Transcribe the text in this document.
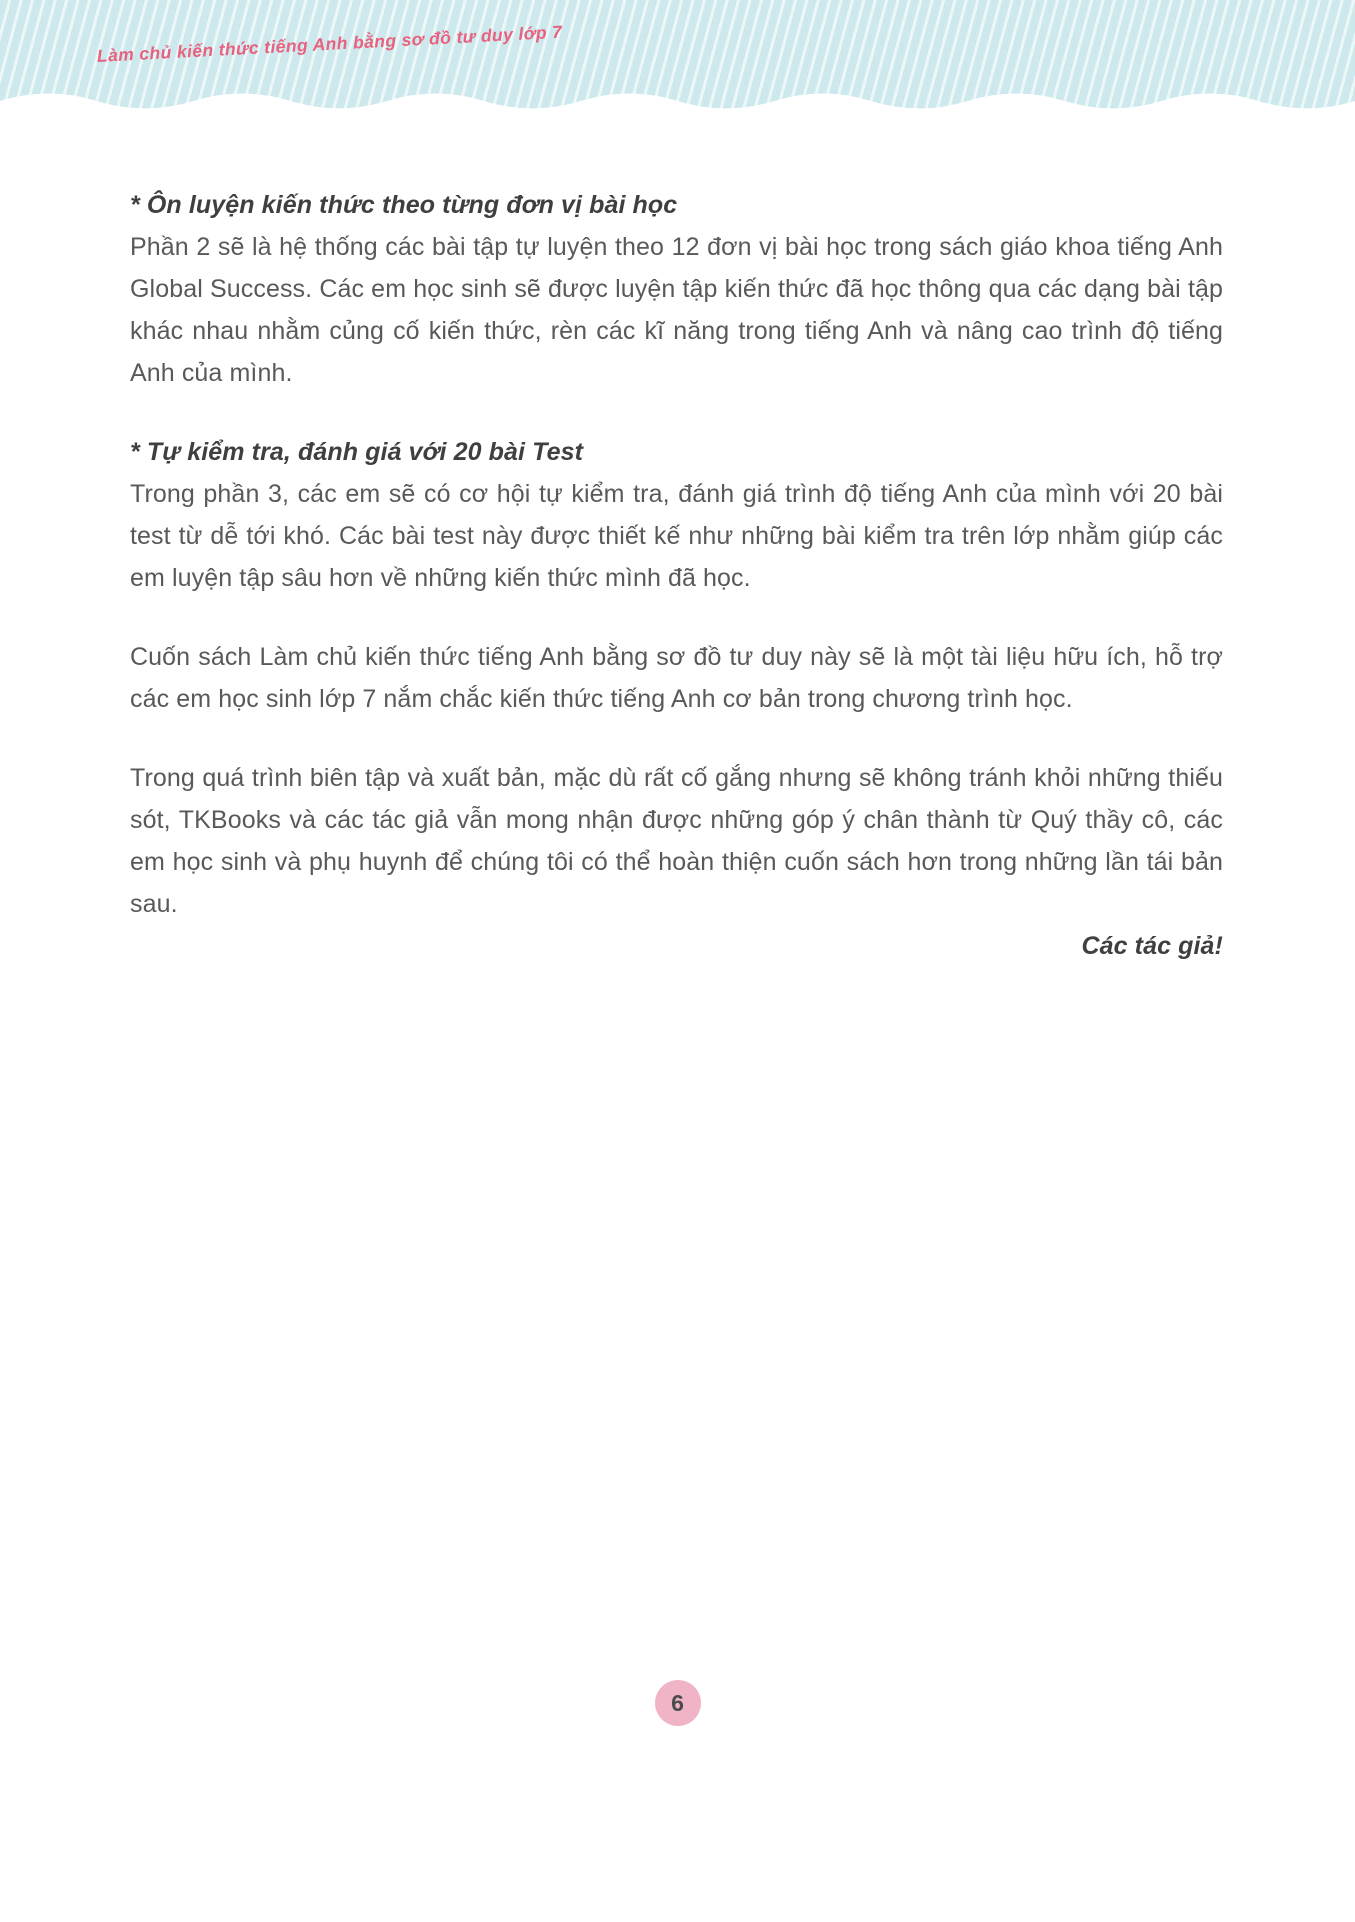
Làm chủ kiến thức tiếng Anh bằng sơ đồ tư duy lớp 7
* Ôn luyện kiến thức theo từng đơn vị bài học

Phần 2 sẽ là hệ thống các bài tập tự luyện theo 12 đơn vị bài học trong sách giáo khoa tiếng Anh Global Success. Các em học sinh sẽ được luyện tập kiến thức đã học thông qua các dạng bài tập khác nhau nhằm củng cố kiến thức, rèn các kĩ năng trong tiếng Anh và nâng cao trình độ tiếng Anh của mình.

* Tự kiểm tra, đánh giá với 20 bài Test

Trong phần 3, các em sẽ có cơ hội tự kiểm tra, đánh giá trình độ tiếng Anh của mình với 20 bài test từ dễ tới khó. Các bài test này được thiết kế như những bài kiểm tra trên lớp nhằm giúp các em luyện tập sâu hơn về những kiến thức mình đã học.

Cuốn sách Làm chủ kiến thức tiếng Anh bằng sơ đồ tư duy này sẽ là một tài liệu hữu ích, hỗ trợ các em học sinh lớp 7 nắm chắc kiến thức tiếng Anh cơ bản trong chương trình học.

Trong quá trình biên tập và xuất bản, mặc dù rất cố gắng nhưng sẽ không tránh khỏi những thiếu sót, TKBooks và các tác giả vẫn mong nhận được những góp ý chân thành từ Quý thầy cô, các em học sinh và phụ huynh để chúng tôi có thể hoàn thiện cuốn sách hơn trong những lần tái bản sau.

Các tác giả!

6
